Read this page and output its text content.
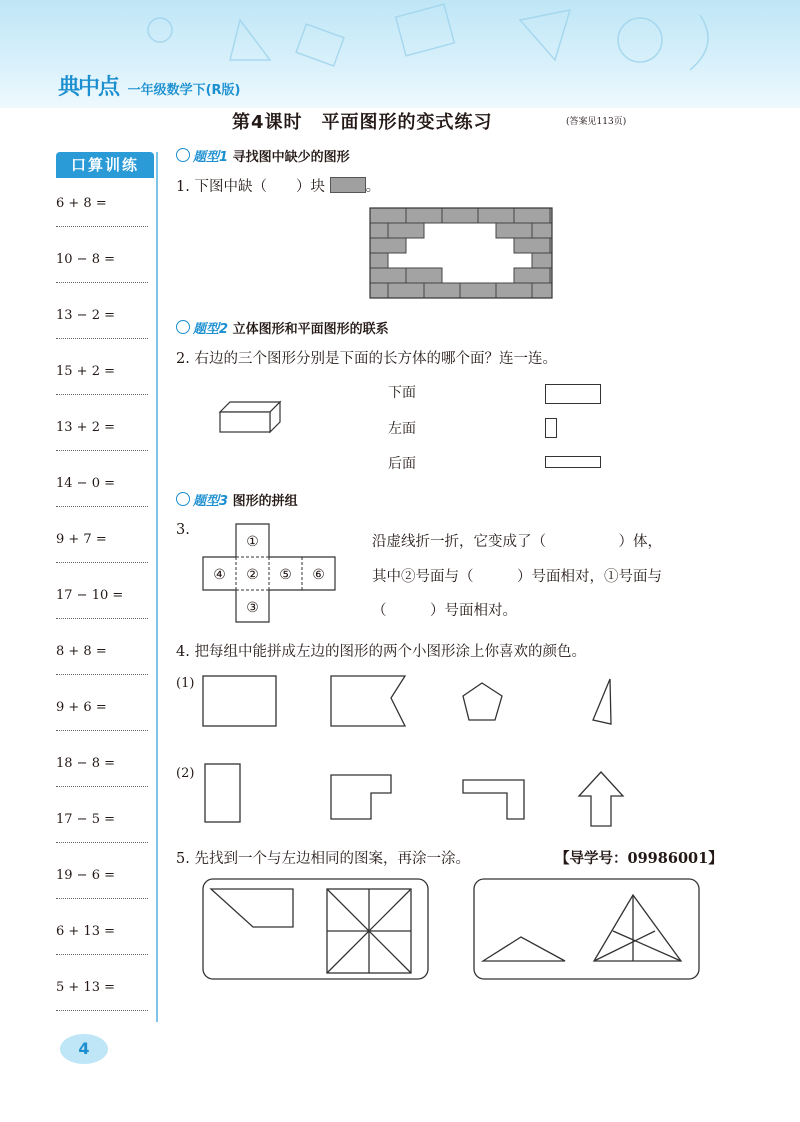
典中点 一年级数学下(R版)
第4课时　平面图形的变式练习	(答案见113页)
口算训练
6 + 8 =
10 − 8 =
13 − 2 =
15 + 2 =
13 + 2 =
14 − 0 =
9 + 7 =
17 − 10 =
8 + 8 =
9 + 6 =
18 − 8 =
17 − 5 =
19 − 6 =
6 + 13 =
5 + 13 =
题型1 寻找图中缺少的图形
1. 下图中缺（　　）块	。
题型2 立体图形和平面图形的联系
2. 右边的三个图形分别是下面的长方体的哪个面？连一连。
下面
左面
后面
题型3 图形的拼组
3.
①
④ ② ⑤ ⑥
③
沿虚线折一折，它变成了（　　　　　）体，
其中②号面与（　　　）号面相对，①号面与
（　　　）号面相对。
4. 把每组中能拼成左边的图形的两个小图形涂上你喜欢的颜色。
(1)
(2)
5. 先找到一个与左边相同的图案，再涂一涂。	【导学号：09986001】
4
